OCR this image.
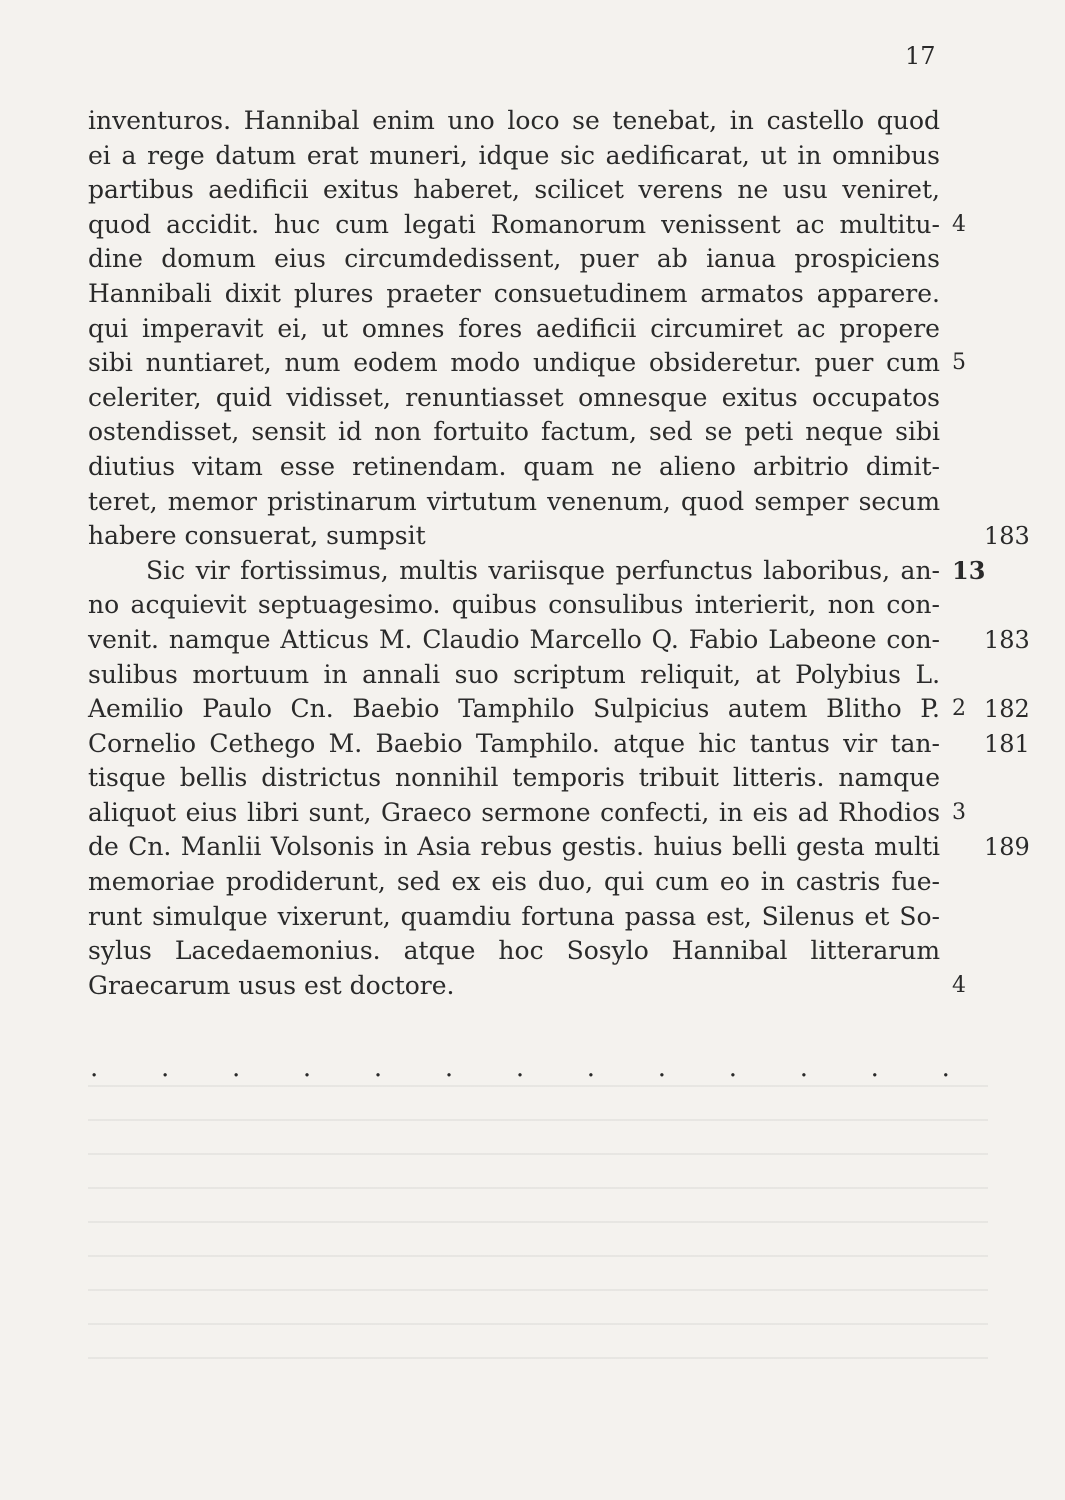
17
inventuros. Hannibal enim uno loco se tenebat, in castello quod
ei a rege datum erat muneri, idque sic aedificarat, ut in omnibus
partibus aedificii exitus haberet, scilicet verens ne usu veniret,
quod accidit. huc cum legati Romanorum venissent ac multitu- 4
dine domum eius circumdedissent, puer ab ianua prospiciens
Hannibali dixit plures praeter consuetudinem armatos apparere.
qui imperavit ei, ut omnes fores aedificii circumiret ac propere
sibi nuntiaret, num eodem modo undique obsideretur. puer cum 5
celeriter, quid vidisset, renuntiasset omnesque exitus occupatos
ostendisset, sensit id non fortuito factum, sed se peti neque sibi
diutius vitam esse retinendam. quam ne alieno arbitrio dimit-
teret, memor pristinarum virtutum venenum, quod semper secum
habere consuerat, sumpsit	183
Sic vir fortissimus, multis variisque perfunctus laboribus, an- 13
no acquievit septuagesimo. quibus consulibus interierit, non con-
venit. namque Atticus M. Claudio Marcello Q. Fabio Labeone con- 183
sulibus mortuum in annali suo scriptum reliquit, at Polybius L.
Aemilio Paulo Cn. Baebio Tamphilo Sulpicius autem Blitho P. 2 182
Cornelio Cethego M. Baebio Tamphilo. atque hic tantus vir tan- 181
tisque bellis districtus nonnihil temporis tribuit litteris. namque
aliquot eius libri sunt, Graeco sermone confecti, in eis ad Rhodios 3
de Cn. Manlii Volsonis in Asia rebus gestis. huius belli gesta multi 189
memoriae prodiderunt, sed ex eis duo, qui cum eo in castris fue-
runt simulque vixerunt, quamdiu fortuna passa est, Silenus et So-
sylus Lacedaemonius. atque hoc Sosylo Hannibal litterarum
Graecarum usus est doctore.	4
. . . . . . . . . . . . .
